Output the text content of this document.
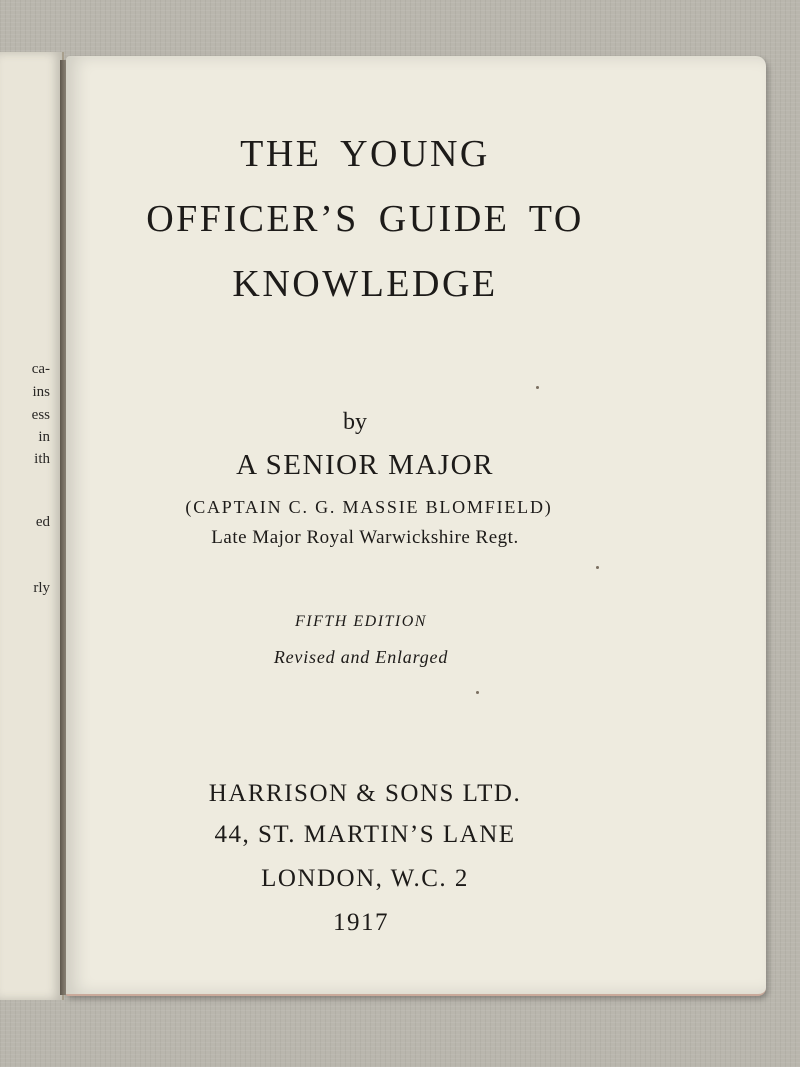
ca-
ins
ess
in
ith
ed
rly
THE YOUNG
OFFICER’S GUIDE TO
KNOWLEDGE
by
A SENIOR MAJOR
(CAPTAIN C. G. MASSIE BLOMFIELD)
Late Major Royal Warwickshire Regt.
FIFTH EDITION
Revised and Enlarged
HARRISON & SONS LTD.
44, ST. MARTIN’S LANE
LONDON, W.C. 2
1917
